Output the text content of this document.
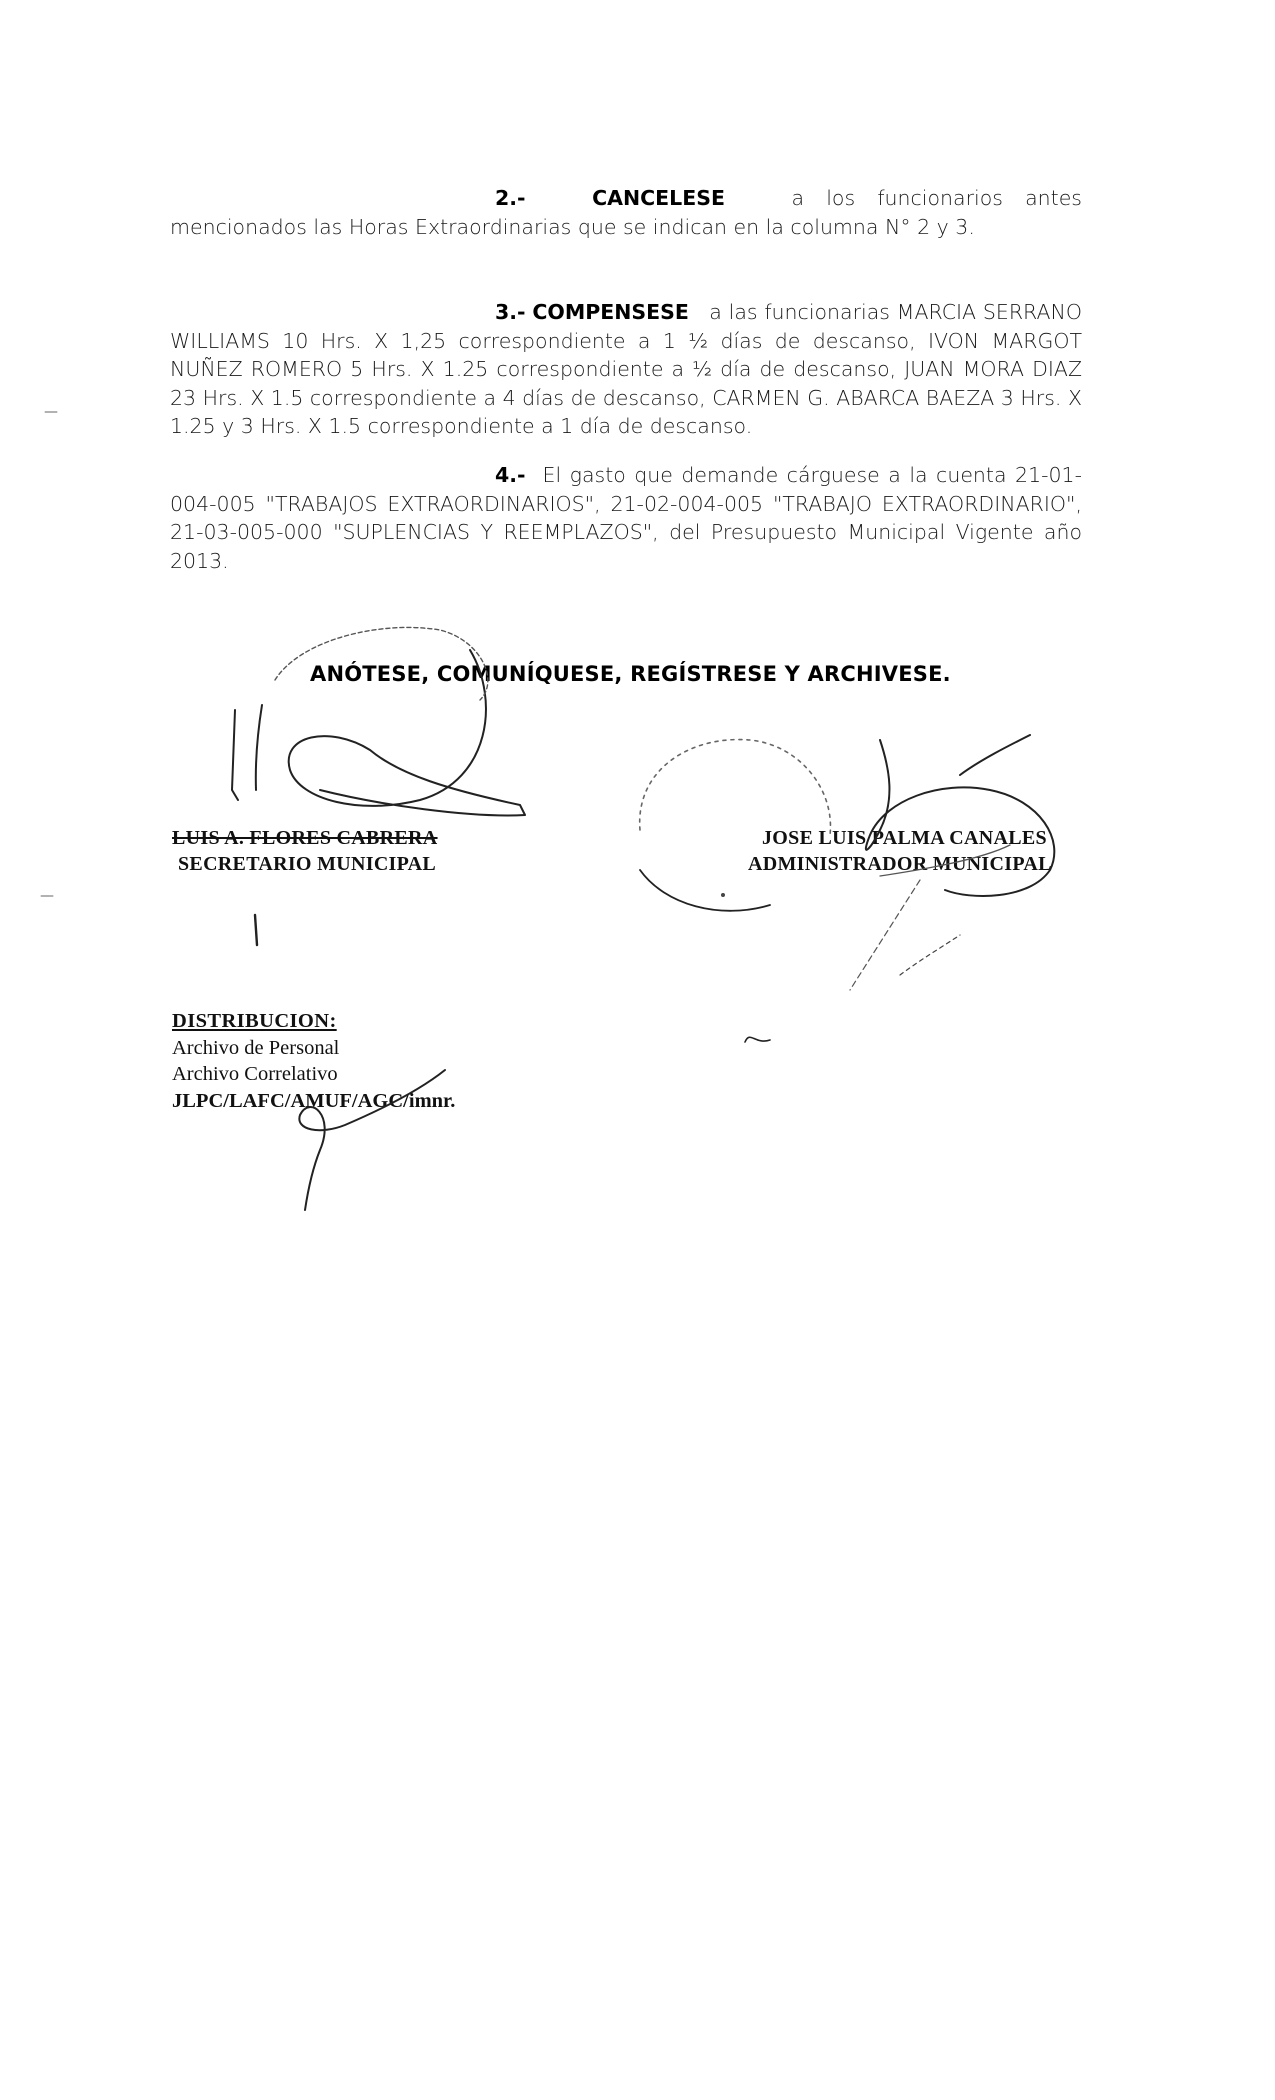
2.-	CANCELESE	a los funcionarios antes mencionados las Horas Extraordinarias que se indican en la columna N° 2 y 3.
3.- COMPENSESE a las funcionarias MARCIA SERRANO WILLIAMS 10 Hrs. X 1,25 correspondiente a 1 ½ días de descanso, IVON MARGOT NUÑEZ ROMERO 5 Hrs. X 1.25 correspondiente a ½ día de descanso, JUAN MORA DIAZ 23 Hrs. X 1.5 correspondiente a 4 días de descanso, CARMEN G. ABARCA BAEZA 3 Hrs. X 1.25 y 3 Hrs. X 1.5 correspondiente a 1 día de descanso.
4.- El gasto que demande cárguese a la cuenta 21-01-004-005 "TRABAJOS EXTRAORDINARIOS", 21-02-004-005 "TRABAJO EXTRAORDINARIO", 21-03-005-000 "SUPLENCIAS Y REEMPLAZOS", del Presupuesto Municipal Vigente año 2013.
ANÓTESE, COMUNÍQUESE, REGÍSTRESE Y ARCHIVESE.
LUIS A. FLORES CABRERA
SECRETARIO MUNICIPAL
JOSE LUIS PALMA CANALES
ADMINISTRADOR MUNICIPAL
DISTRIBUCION:
Archivo de Personal
Archivo Correlativo
JLPC/LAFC/AMUF/AGC/imnr.
—
—
